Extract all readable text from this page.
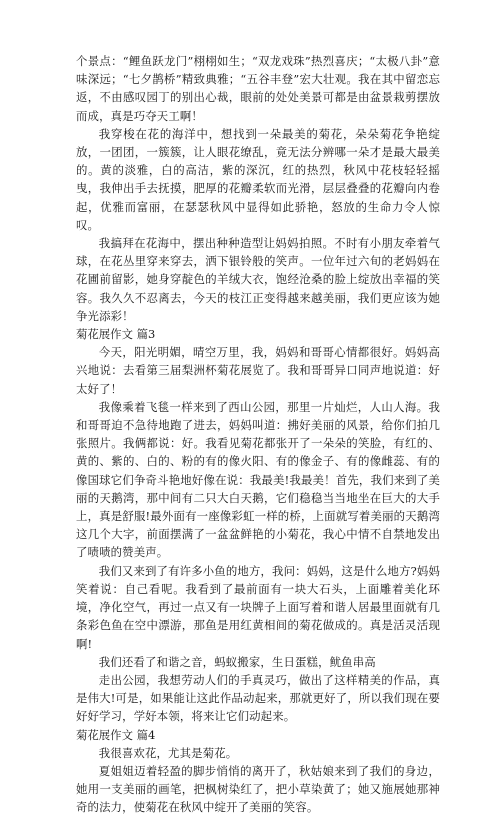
个景点：“鲤鱼跃龙门”栩栩如生；“双龙戏珠”热烈喜庆；“太极八卦”意味深远；“七夕鹊桥”精致典雅；“五谷丰登”宏大壮观。我在其中留恋忘返，不由感叹园丁的别出心裁，眼前的处处美景可都是由盆景栽剪摆放而成，真是巧夺天工啊！

我穿梭在花的海洋中，想找到一朵最美的菊花，朵朵菊花争艳绽放，一团团，一簇簇，让人眼花缭乱，竟无法分辨哪一朵才是最大最美的。黄的淡雅，白的高洁，紫的深沉，红的热烈，秋风中花枝轻轻摇曳，我伸出手去抚摸，肥厚的花瓣柔软而光滑，层层叠叠的花瓣向内卷起，优雅而富丽，在瑟瑟秋风中显得如此骄艳，怒放的生命力令人惊叹。

我搞拜在花海中，摆出种种造型让妈妈拍照。不时有小朋友牵着气球，在花丛里穿来穿去，洒下银铃般的笑声。一位年过六旬的老妈妈在花圃前留影，她身穿靛色的羊绒大衣，饱经沧桑的脸上绽放出幸福的笑容。我久久不忍离去，今天的枝江正变得越来越美丽，我们更应该为她争光添彩！

菊花展作文 篇3

今天，阳光明媚，晴空万里，我，妈妈和哥哥心情都很好。妈妈高兴地说：去看第三届梨洲杯菊花展览了。我和哥哥异口同声地说道：好太好了！

我像乘着飞毯一样来到了西山公园，那里一片灿烂，人山人海。我和哥哥迫不急待地跑了进去，妈妈叫道：拂好美丽的风景，给你们拍几张照片。我俩都说：好。我看见菊花都张开了一朵朵的笑脸，有红的、黄的、紫的、白的、粉的有的像火阳、有的像金子、有的像雌蕊、有的像国球它们争奇斗艳地好像在说：我最美!我最美！首先，我们来到了美丽的天鹅湾，那中间有二只大白天鹅，它们稳稳当当地坐在巨大的大手上，真是舒服!最外面有一座像彩虹一样的桥，上面就写着美丽的天鹅湾这几个大字，前面摆满了一盆盆鲜艳的小菊花，我心中情不自禁地发出了啧啧的赞美声。

我们又来到了有许多小鱼的地方，我问：妈妈，这是什么地方?妈妈笑着说：自己看呢。我看到了最前面有一块大石头，上面雕着美化环境，净化空气，再过一点又有一块牌子上面写着和谐人居最里面就有几条彩色鱼在空中漂游，那鱼是用红黄相间的菊花做成的。真是活灵活现啊!

我们还看了和谐之音，蚂蚁搬家，生日蛋糕，鱿鱼串高

走出公园，我想劳动人们的手真灵巧，做出了这样精美的作品，真是伟大!可是，如果能让这此作品动起来，那就更好了，所以我们现在要好好学习，学好本领，将来让它们动起来。

菊花展作文 篇4

我很喜欢花，尤其是菊花。

夏姐姐迈着轻盈的脚步悄悄的离开了，秋姑娘来到了我们的身边，她用一支美丽的画笔，把枫树染红了，把小草染黄了；她又施展她那神奇的法力，使菊花在秋风中绽开了美丽的笑容。
